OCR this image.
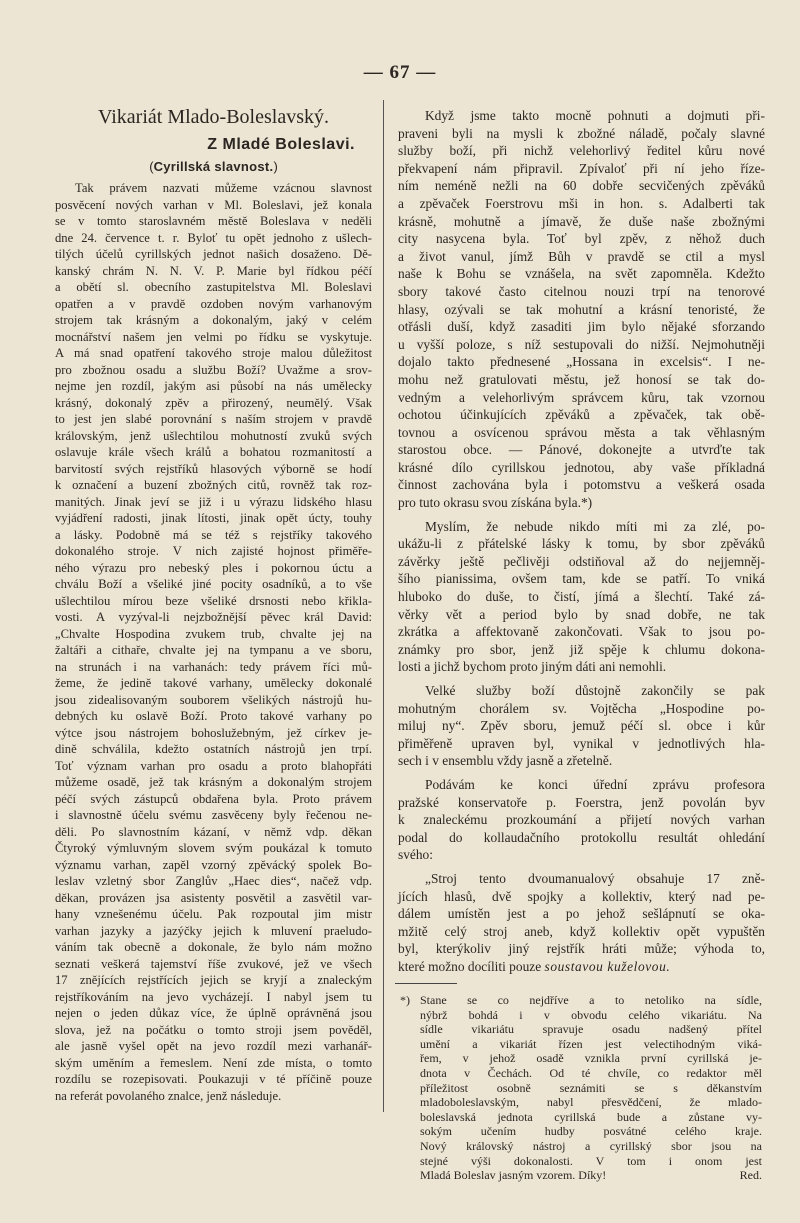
— 67 —
Vikariát Mlado-Boleslavský.
Z Mladé Boleslavi.
(Cyrillská slavnost.)
Tak právem nazvati můžeme vzácnou slavnost
posvěcení nových varhan v Ml. Boleslavi, jež konala
se v tomto staroslavném městě Boleslava v neděli
dne 24. července t. r. Byloť tu opět jednoho z ušlech-
tilých účelů cyrillských jednot našich dosaženo. Dě-
kanský chrám N. N. V. P. Marie byl řídkou péčí
a obětí sl. obecního zastupitelstva Ml. Boleslavi
opatřen a v pravdě ozdoben novým varhanovým
strojem tak krásným a dokonalým, jaký v celém
mocnářství našem jen velmi po řídku se vyskytuje.
A má snad opatření takového stroje malou důležitost
pro zbožnou osadu a službu Boží? Uvažme a srov-
nejme jen rozdíl, jakým asi působí na nás umělecky
krásný, dokonalý zpěv a přirozený, neumělý. Však
to jest jen slabé porovnání s naším strojem v pravdě
královským, jenž ušlechtilou mohutností zvuků svých
oslavuje krále všech králů a bohatou rozmanitostí a
barvitostí svých rejstříků hlasových výborně se hodí
k označení a buzení zbožných citů, rovněž tak roz-
manitých. Jinak jeví se již i u výrazu lidského hlasu
vyjádření radosti, jinak lítosti, jinak opět úcty, touhy
a lásky. Podobně má se též s rejstříky takového
dokonalého stroje. V nich zajisté hojnost přiměře-
ného výrazu pro nebeský ples i pokornou úctu a
chválu Boží a všeliké jiné pocity osadníků, a to vše
ušlechtilou mírou beze všeliké drsnosti nebo křikla-
vosti. A vyzýval-li nejzbožnější pěvec král David:
„Chvalte Hospodina zvukem trub, chvalte jej na
žaltáři a cithaře, chvalte jej na tympanu a ve sboru,
na strunách i na varhanách: tedy právem říci mů-
žeme, že jedině takové varhany, umělecky dokonalé
jsou zidealisovaným souborem všelikých nástrojů hu-
debných ku oslavě Boží. Proto takové varhany po
výtce jsou nástrojem bohoslužebným, jež církev je-
dině schválila, kdežto ostatních nástrojů jen trpí.
Toť význam varhan pro osadu a proto blahopřáti
můžeme osadě, jež tak krásným a dokonalým strojem
péčí svých zástupců obdařena byla. Proto právem
i slavnostně účelu svému zasvěceny byly řečenou ne-
děli. Po slavnostním kázaní, v němž vdp. děkan
Čtyroký výmluvným slovem svým poukázal k tomuto
významu varhan, zapěl vzorný zpěvácký spolek Bo-
leslav vzletný sbor Zanglův „Haec dies“, načež vdp.
děkan, provázen jsa asistenty posvětil a zasvětil var-
hany vznešenému účelu. Pak rozpoutal jim mistr
varhan jazyky a jazýčky jejich k mluvení praeludo-
váním tak obecně a dokonale, že bylo nám možno
seznati veškerá tajemství říše zvukové, jež ve všech
17 znějících rejstřících jejich se kryjí a znaleckým
rejstříkováním na jevo vycházejí. I nabyl jsem tu
nejen o jeden důkaz více, že úplně oprávněná jsou
slova, jež na počátku o tomto stroji jsem pověděl,
ale jasně vyšel opět na jevo rozdíl mezi varhanář-
ským uměním a řemeslem. Není zde místa, o tomto
rozdílu se rozepisovati. Poukazuji v té příčině pouze
na referát povolaného znalce, jenž následuje.
Když jsme takto mocně pohnuti a dojmuti při-
praveni byli na mysli k zbožné náladě, počaly slavné
služby boží, při nichž velehorlivý ředitel kůru nové
překvapení nám připravil. Zpívaloť při ní jeho říze-
ním neméně nežli na 60 dobře secvičených zpěváků
a zpěvaček Foerstrovu mši in hon. s. Adalberti tak
krásně, mohutně a jímavě, že duše naše zbožnými
city nasycena byla. Toť byl zpěv, z něhož duch
a život vanul, jímž Bůh v pravdě se ctil a mysl
naše k Bohu se vznášela, na svět zapomněla. Kdežto
sbory takové často citelnou nouzi trpí na tenorové
hlasy, ozývali se tak mohutní a krásní tenoristé, že
otřásli duší, když zasaditi jim bylo nějaké sforzando
u vyšší poloze, s níž sestupovali do nižší. Nejmohutněji
dojalo takto přednesené „Hossana in excelsis“. I ne-
mohu než gratulovati městu, jež honosí se tak do-
vedným a velehorlivým správcem kůru, tak vzornou
ochotou účinkujících zpěváků a zpěvaček, tak obě-
tovnou a osvícenou správou města a tak věhlasným
starostou obce. — Pánové, dokonejte a utvrďte tak
krásné dílo cyrillskou jednotou, aby vaše příkladná
činnost zachována byla i potomstvu a veškerá osada
pro tuto okrasu svou získána byla.*)
Myslím, že nebude nikdo míti mi za zlé, po-
ukážu-li z přátelské lásky k tomu, by sbor zpěváků
závěrky ještě pečlivěji odstiňoval až do nejjemněj-
šího pianissima, ovšem tam, kde se patří. To vniká
hluboko do duše, to čistí, jímá a šlechtí. Také zá-
věrky vět a period bylo by snad dobře, ne tak
zkrátka a affektovaně zakončovati. Však to jsou po-
známky pro sbor, jenž již spěje k chlumu dokona-
losti a jichž bychom proto jiným dáti ani nemohli.
Velké služby boží důstojně zakončily se pak
mohutným chorálem sv. Vojtěcha „Hospodine po-
miluj ny“. Zpěv sboru, jemuž péčí sl. obce i kůr
přiměřeně upraven byl, vynikal v jednotlivých hla-
sech i v ensemblu vždy jasně a zřetelně.
Podávám ke konci úřední zprávu profesora
pražské konservatoře p. Foerstra, jenž povolán byv
k znaleckému prozkoumání a přijetí nových varhan
podal do kollaudačního protokollu resultát ohledání
svého:
„Stroj tento dvoumanualový obsahuje 17 zně-
jících hlasů, dvě spojky a kollektiv, který nad pe-
dálem umístěn jest a po jehož sešlápnutí se oka-
mžitě celý stroj aneb, když kollektiv opět vypuštěn
byl, kterýkoliv jiný rejstřík hráti může; výhoda to,
které možno docíliti pouze soustavou kuželovou.
*) Stane se co nejdříve a to netoliko na sídle,
nýbrž bohdá i v obvodu celého vikariátu. Na
sídle vikariátu spravuje osadu nadšený přítel
umění a vikariát řízen jest velectihodným viká-
řem, v jehož osadě vznikla první cyrillská je-
dnota v Čechách. Od té chvíle, co redaktor měl
příležitost osobně seznámiti se s děkanstvím
mladoboleslavským, nabyl přesvědčení, že mlado-
boleslavská jednota cyrillská bude a zůstane vy-
sokým učením hudby posvátné celého kraje.
Nový královský nástroj a cyrillský sbor jsou na
stejné výši dokonalosti. V tom i onom jest
Mladá Boleslav jasným vzorem. Díky!	Red.
